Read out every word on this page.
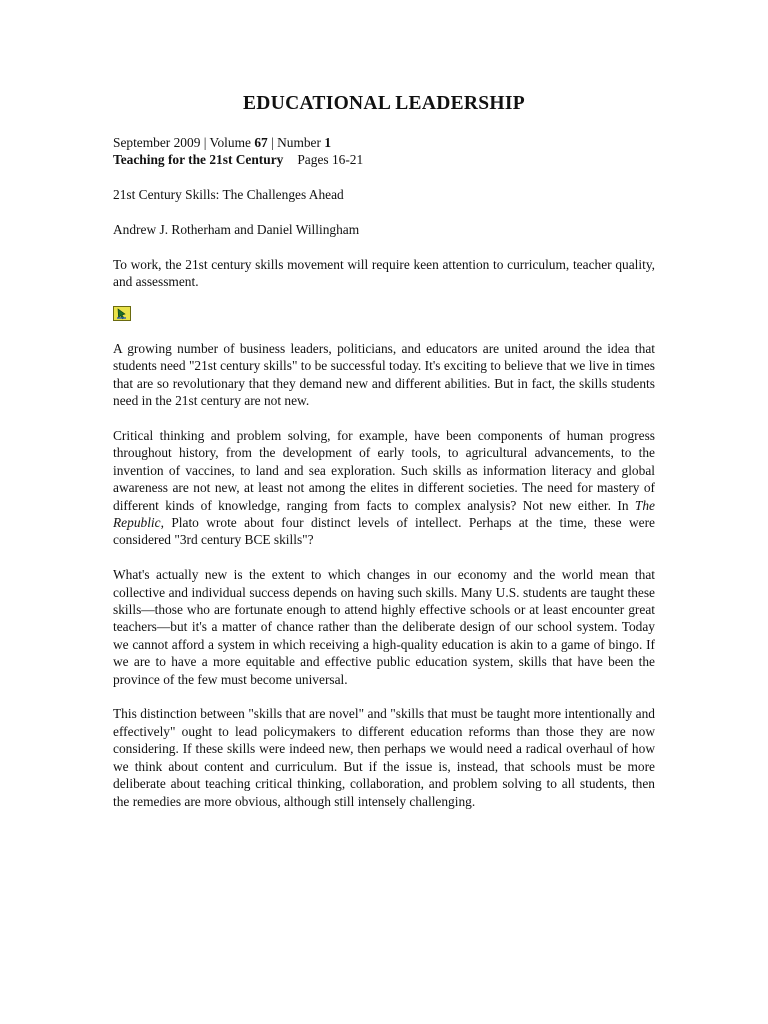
EDUCATIONAL LEADERSHIP
September 2009 | Volume 67 | Number 1
Teaching for the 21st Century Pages 16-21
21st Century Skills: The Challenges Ahead
Andrew J. Rotherham and Daniel Willingham
To work, the 21st century skills movement will require keen attention to curriculum, teacher quality, and assessment.

A growing number of business leaders, politicians, and educators are united around the idea that students need "21st century skills" to be successful today. It's exciting to believe that we live in times that are so revolutionary that they demand new and different abilities. But in fact, the skills students need in the 21st century are not new.

Critical thinking and problem solving, for example, have been components of human progress throughout history, from the development of early tools, to agricultural advancements, to the invention of vaccines, to land and sea exploration. Such skills as information literacy and global awareness are not new, at least not among the elites in different societies. The need for mastery of different kinds of knowledge, ranging from facts to complex analysis? Not new either. In The Republic, Plato wrote about four distinct levels of intellect. Perhaps at the time, these were considered "3rd century BCE skills"?

What's actually new is the extent to which changes in our economy and the world mean that collective and individual success depends on having such skills. Many U.S. students are taught these skills—those who are fortunate enough to attend highly effective schools or at least encounter great teachers—but it's a matter of chance rather than the deliberate design of our school system. Today we cannot afford a system in which receiving a high-quality education is akin to a game of bingo. If we are to have a more equitable and effective public education system, skills that have been the province of the few must become universal.

This distinction between "skills that are novel" and "skills that must be taught more intentionally and effectively" ought to lead policymakers to different education reforms than those they are now considering. If these skills were indeed new, then perhaps we would need a radical overhaul of how we think about content and curriculum. But if the issue is, instead, that schools must be more deliberate about teaching critical thinking, collaboration, and problem solving to all students, then the remedies are more obvious, although still intensely challenging.
